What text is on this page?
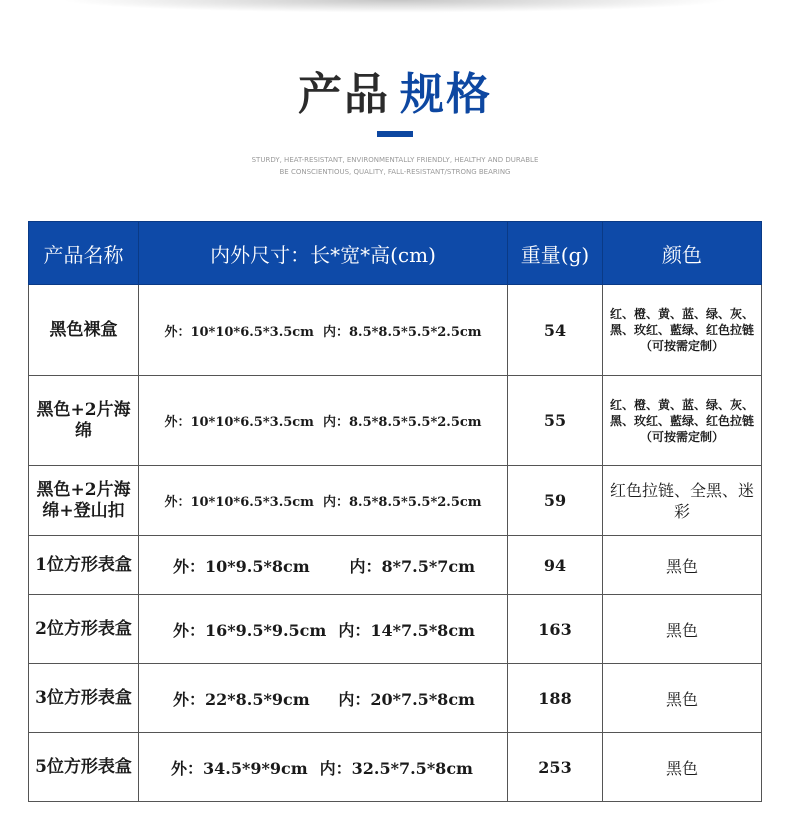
产品 规格
STURDY, HEAT-RESISTANT, ENVIRONMENTALLY FRIENDLY, HEALTHY AND DURABLE
BE CONSCIENTIOUS, QUALITY, FALL-RESISTANT/STRONG BEARING
产品名称	内外尺寸：长*宽*高(cm)	重量(g)	颜色
黑色裸盒	外：10*10*6.5*3.5cm 内：8.5*8.5*5.5*2.5cm	54	红、橙、黄、蓝、绿、灰、黑、玫红、藍绿、红色拉链（可按需定制）
黑色+2片海绵	外：10*10*6.5*3.5cm 内：8.5*8.5*5.5*2.5cm	55	红、橙、黄、蓝、绿、灰、黑、玫红、藍绿、红色拉链（可按需定制）
黑色+2片海绵+登山扣	外：10*10*6.5*3.5cm 内：8.5*8.5*5.5*2.5cm	59	红色拉链、全黑、迷彩
1位方形表盒	外：10*9.5*8cm 内：8*7.5*7cm	94	黑色
2位方形表盒	外：16*9.5*9.5cm 内：14*7.5*8cm	163	黑色
3位方形表盒	外：22*8.5*9cm 内：20*7.5*8cm	188	黑色
5位方形表盒	外：34.5*9*9cm 内：32.5*7.5*8cm	253	黑色
